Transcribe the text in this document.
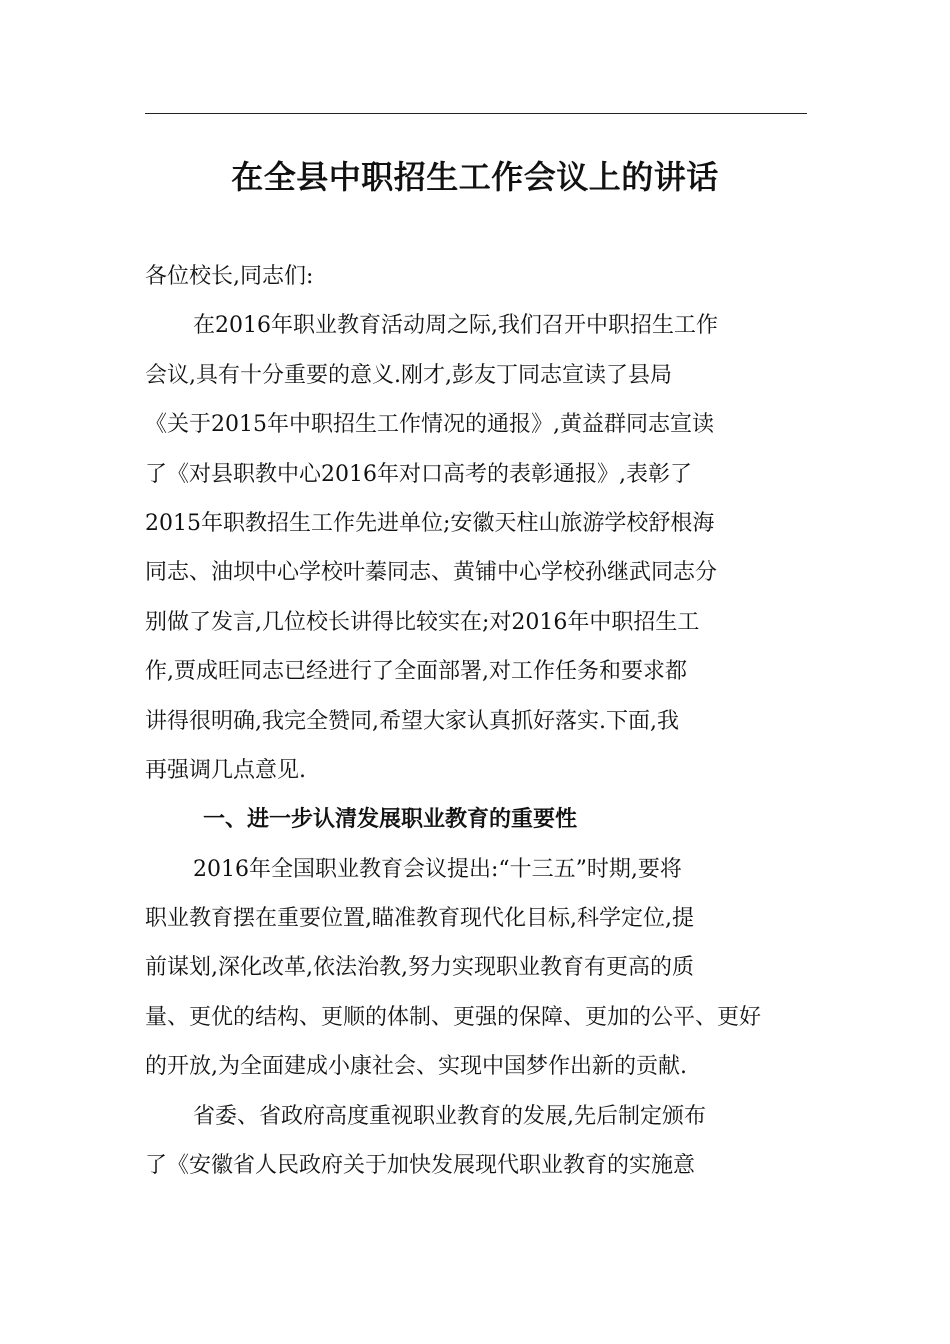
在全县中职招生工作会议上的讲话
各位校长,同志们:
在2016年职业教育活动周之际,我们召开中职招生工作
会议,具有十分重要的意义.刚才,彭友丁同志宣读了县局
《关于2015年中职招生工作情况的通报》,黄益群同志宣读
了《对县职教中心2016年对口高考的表彰通报》,表彰了
2015年职教招生工作先进单位;安徽天柱山旅游学校舒根海
同志、油坝中心学校叶蓁同志、黄铺中心学校孙继武同志分
别做了发言,几位校长讲得比较实在;对2016年中职招生工
作,贾成旺同志已经进行了全面部署,对工作任务和要求都
讲得很明确,我完全赞同,希望大家认真抓好落实.下面,我
再强调几点意见.
一、进一步认清发展职业教育的重要性
2016年全国职业教育会议提出:“十三五”时期,要将
职业教育摆在重要位置,瞄准教育现代化目标,科学定位,提
前谋划,深化改革,依法治教,努力实现职业教育有更高的质
量、更优的结构、更顺的体制、更强的保障、更加的公平、更好
的开放,为全面建成小康社会、实现中国梦作出新的贡献.
省委、省政府高度重视职业教育的发展,先后制定颁布
了《安徽省人民政府关于加快发展现代职业教育的实施意
